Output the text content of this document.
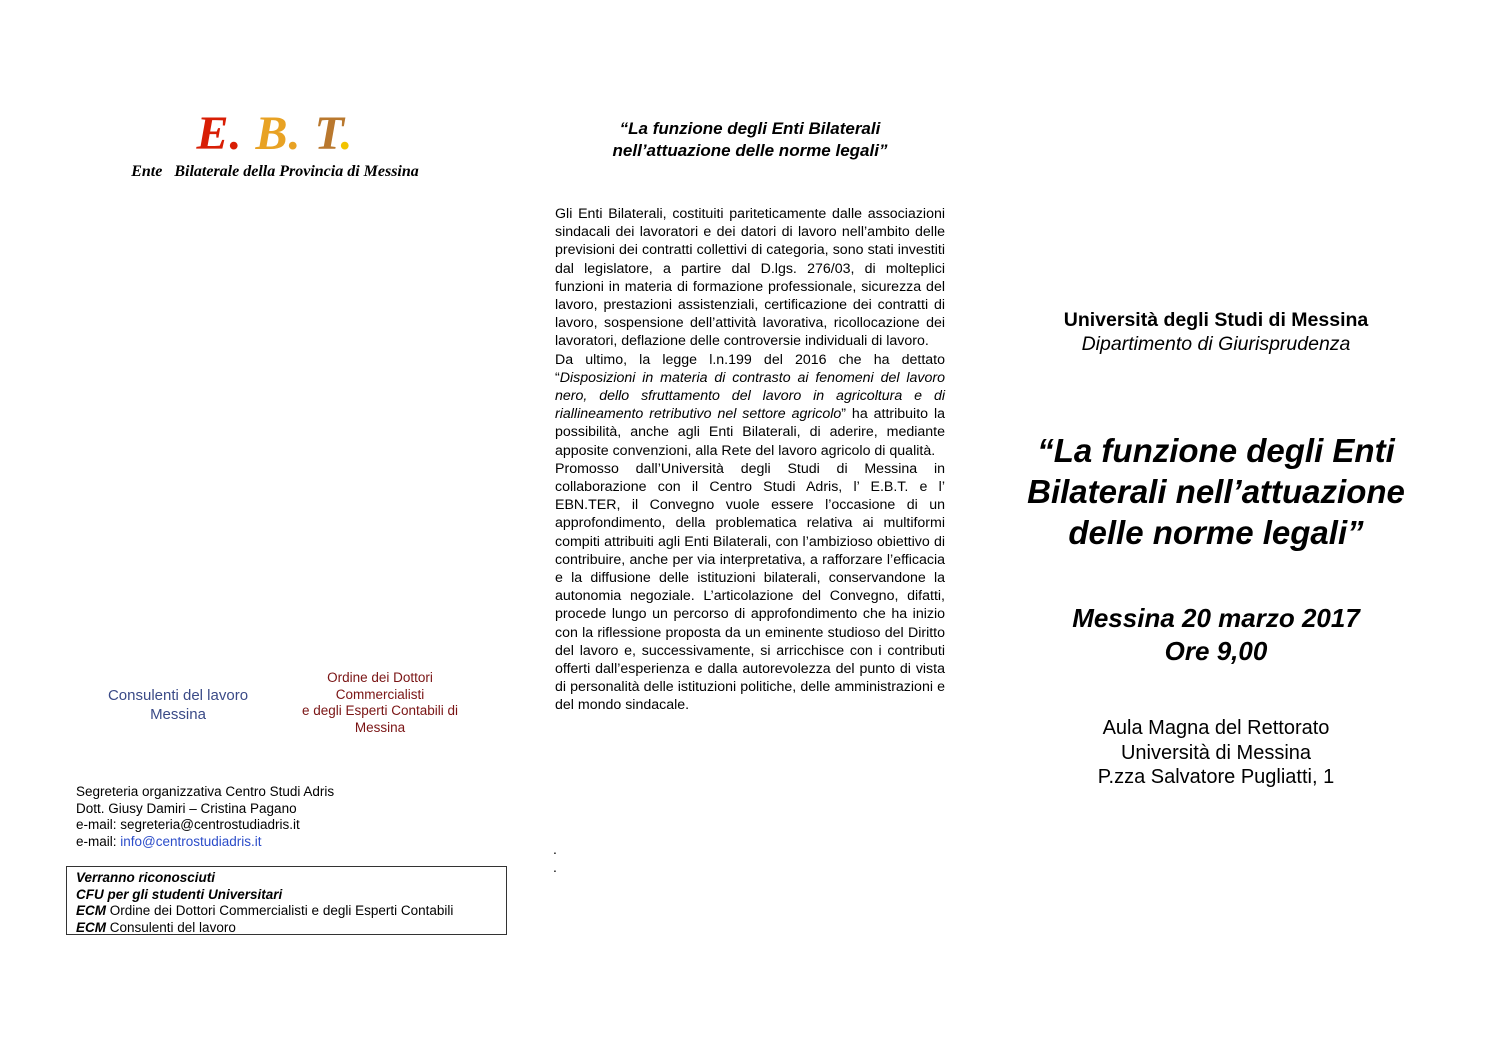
E. B. T.
Ente   Bilaterale della Provincia di Messina
Consulenti del lavoro
Messina
Ordine dei Dottori
Commercialisti
e degli Esperti Contabili di
Messina
Segreteria organizzativa Centro Studi Adris
Dott. Giusy Damiri – Cristina Pagano
e-mail: segreteria@centrostudiadris.it
e-mail: info@centrostudiadris.it
Verranno riconosciuti
CFU per gli studenti Universitari
ECM Ordine dei Dottori Commercialisti e degli Esperti Contabili
ECM Consulenti del lavoro
“La funzione degli Enti Bilaterali
nell’attuazione delle norme legali”

Gli Enti Bilaterali, costituiti pariteticamente dalle associazioni sindacali dei lavoratori e dei datori di lavoro nell’ambito delle previsioni dei contratti collettivi di categoria, sono stati investiti dal legislatore, a partire dal D.lgs. 276/03, di molteplici funzioni in materia di formazione professionale, sicurezza del lavoro, prestazioni assistenziali, certificazione dei contratti di lavoro, sospensione dell’attività lavorativa, ricollocazione dei lavoratori, deflazione delle controversie individuali di lavoro.

Da ultimo, la legge l.n.199 del 2016 che ha dettato “Disposizioni in materia di contrasto ai fenomeni del lavoro nero, dello sfruttamento del lavoro in agricoltura e di riallineamento retributivo nel settore agricolo” ha attribuito la possibilità, anche agli Enti Bilaterali, di aderire, mediante apposite convenzioni, alla Rete del lavoro agricolo di qualità.

Promosso dall’Università degli Studi di Messina in collaborazione con il Centro Studi Adris, l’ E.B.T. e l’ EBN.TER, il Convegno vuole essere l’occasione di un approfondimento, della problematica relativa ai multiformi compiti attribuiti agli Enti Bilaterali, con l’ambizioso obiettivo di contribuire, anche per via interpretativa, a rafforzare l’efficacia e la diffusione delle istituzioni bilaterali, conservandone la autonomia negoziale. L’articolazione del Convegno, difatti, procede lungo un percorso di approfondimento che ha inizio con la riflessione proposta da un eminente studioso del Diritto del lavoro e, successivamente, si arricchisce con i contributi offerti dall’esperienza e dalla autorevolezza del punto di vista di personalità delle istituzioni politiche, delle amministrazioni e del mondo sindacale.

.
.
Università degli Studi di Messina
Dipartimento di Giurisprudenza
“La funzione degli Enti
Bilaterali nell’attuazione
delle norme legali”
Messina 20 marzo 2017
Ore 9,00
Aula Magna del Rettorato
Università di Messina
P.zza Salvatore Pugliatti, 1
